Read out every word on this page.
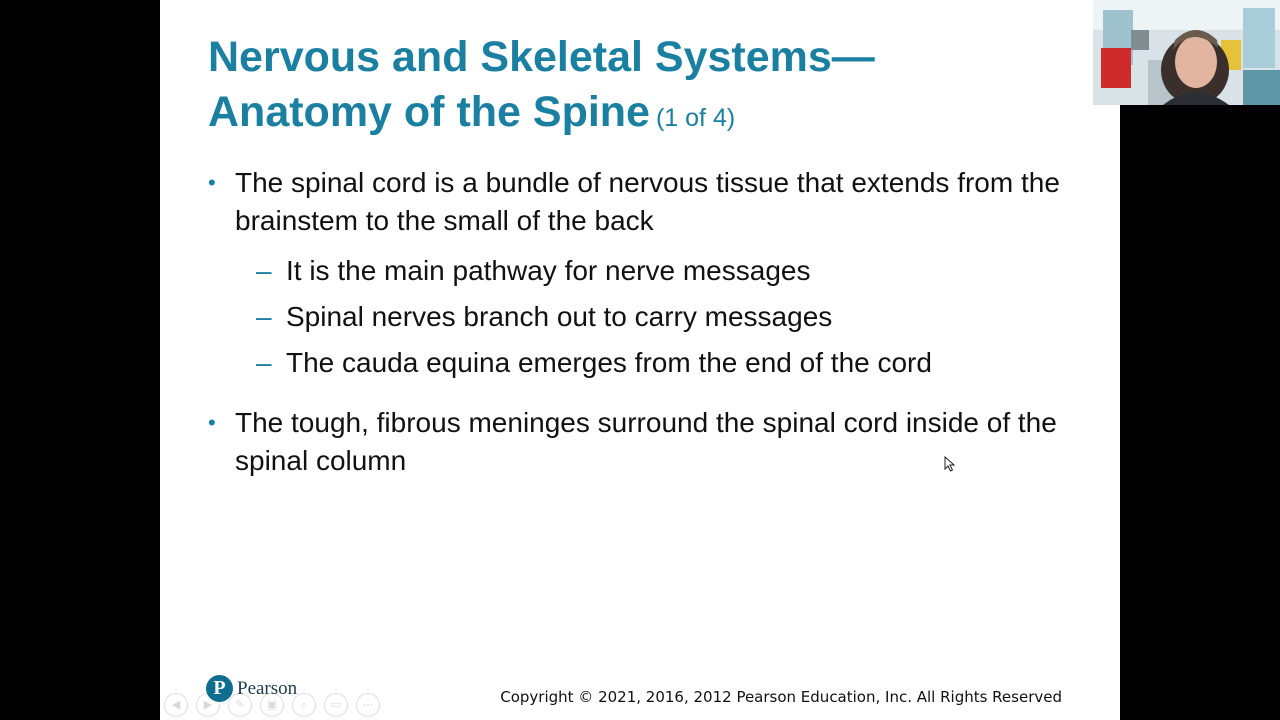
Nervous and Skeletal Systems—
Anatomy of the Spine (1 of 4)
• The spinal cord is a bundle of nervous tissue that extends from the brainstem to the small of the back
– It is the main pathway for nerve messages
– Spinal nerves branch out to carry messages
– The cauda equina emerges from the end of the cord
• The tough, fibrous meninges surround the spinal cord inside of the spinal column
◀	▶	✎	▣	⌕	▭	⋯
P Pearson	Copyright © 2021, 2016, 2012 Pearson Education, Inc. All Rights Reserved
